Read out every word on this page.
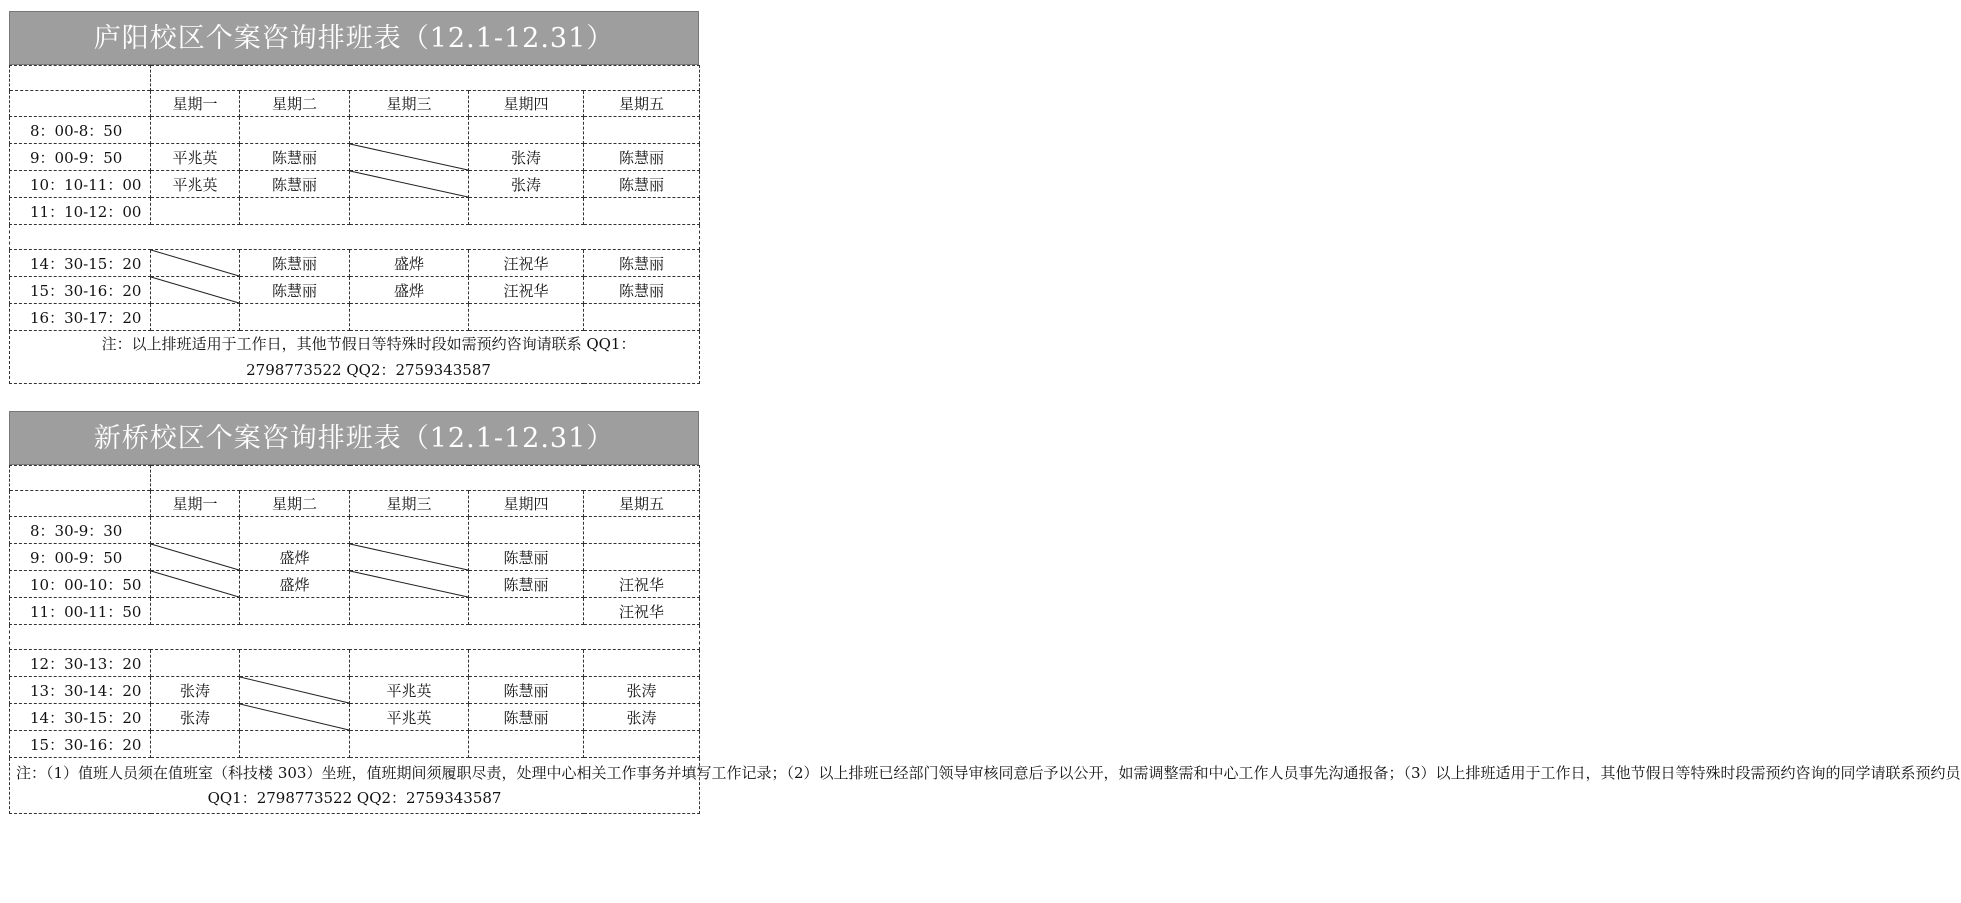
庐阳校区个案咨询排班表（12.1-12.31）

	星期一	星期二	星期三	星期四	星期五
8：00-8：50					
9：00-9：50	平兆英	陈慧丽		张涛	陈慧丽
10：10-11：00	平兆英	陈慧丽		张涛	陈慧丽
11：10-12：00					

14：30-15：20		陈慧丽	盛烨	汪祝华	陈慧丽
15：30-16：20		陈慧丽	盛烨	汪祝华	陈慧丽
16：30-17：20					
注：以上排班适用于工作日，其他节假日等特殊时段如需预约咨询请联系 QQ1：
2798773522 QQ2：2759343587					
新桥校区个案咨询排班表（12.1-12.31）

	星期一	星期二	星期三	星期四	星期五
8：30-9：30					
9：00-9：50		盛烨		陈慧丽	
10：00-10：50		盛烨		陈慧丽	汪祝华
11：00-11：50					汪祝华

12：30-13：20					
13：30-14：20	张涛		平兆英	陈慧丽	张涛
14：30-15：20	张涛		平兆英	陈慧丽	张涛
15：30-16：20					
注：（1）值班人员须在值班室（科技楼 303）坐班，值班期间须履职尽责，处理中心相关工作事务并填写工作记录；（2）以上排班已经部门领导审核同意后予以公开，如需调整需和中心工作人员事先沟通报备；（3）以上排班适用于工作日，其他节假日等特殊时段需预约咨询的同学请联系预约员
QQ1：2798773522 QQ2：2759343587					
